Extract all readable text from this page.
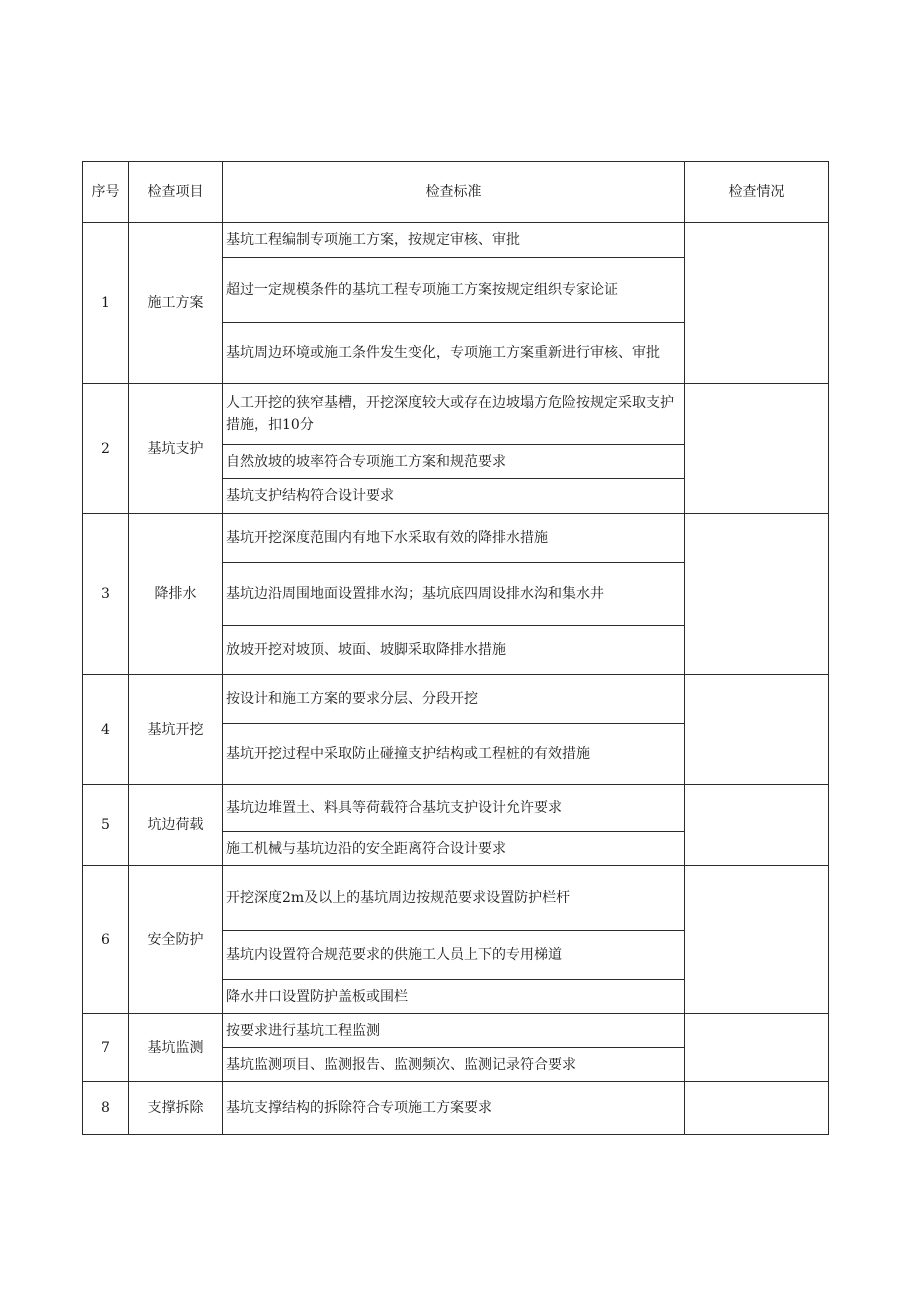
序号	检查项目	检查标准	检查情况
1	施工方案	基坑工程编制专项施工方案，按规定审核、审批	
		超过一定规模条件的基坑工程专项施工方案按规定组织专家论证	
		基坑周边环境或施工条件发生变化，专项施工方案重新进行审核、审批	
2	基坑支护	人工开挖的狭窄基槽，开挖深度较大或存在边坡塌方危险按规定采取支护措施，扣10分	
		自然放坡的坡率符合专项施工方案和规范要求	
		基坑支护结构符合设计要求	
3	降排水	基坑开挖深度范围内有地下水采取有效的降排水措施	
		基坑边沿周围地面设置排水沟；基坑底四周设排水沟和集水井	
		放坡开挖对坡顶、坡面、坡脚采取降排水措施	
4	基坑开挖	按设计和施工方案的要求分层、分段开挖	
		基坑开挖过程中采取防止碰撞支护结构或工程桩的有效措施	
5	坑边荷载	基坑边堆置土、料具等荷载符合基坑支护设计允许要求	
		施工机械与基坑边沿的安全距离符合设计要求	
6	安全防护	开挖深度2m及以上的基坑周边按规范要求设置防护栏杆	
		基坑内设置符合规范要求的供施工人员上下的专用梯道	
		降水井口设置防护盖板或围栏	
7	基坑监测	按要求进行基坑工程监测	
		基坑监测项目、监测报告、监测频次、监测记录符合要求	
8	支撑拆除	基坑支撑结构的拆除符合专项施工方案要求	
